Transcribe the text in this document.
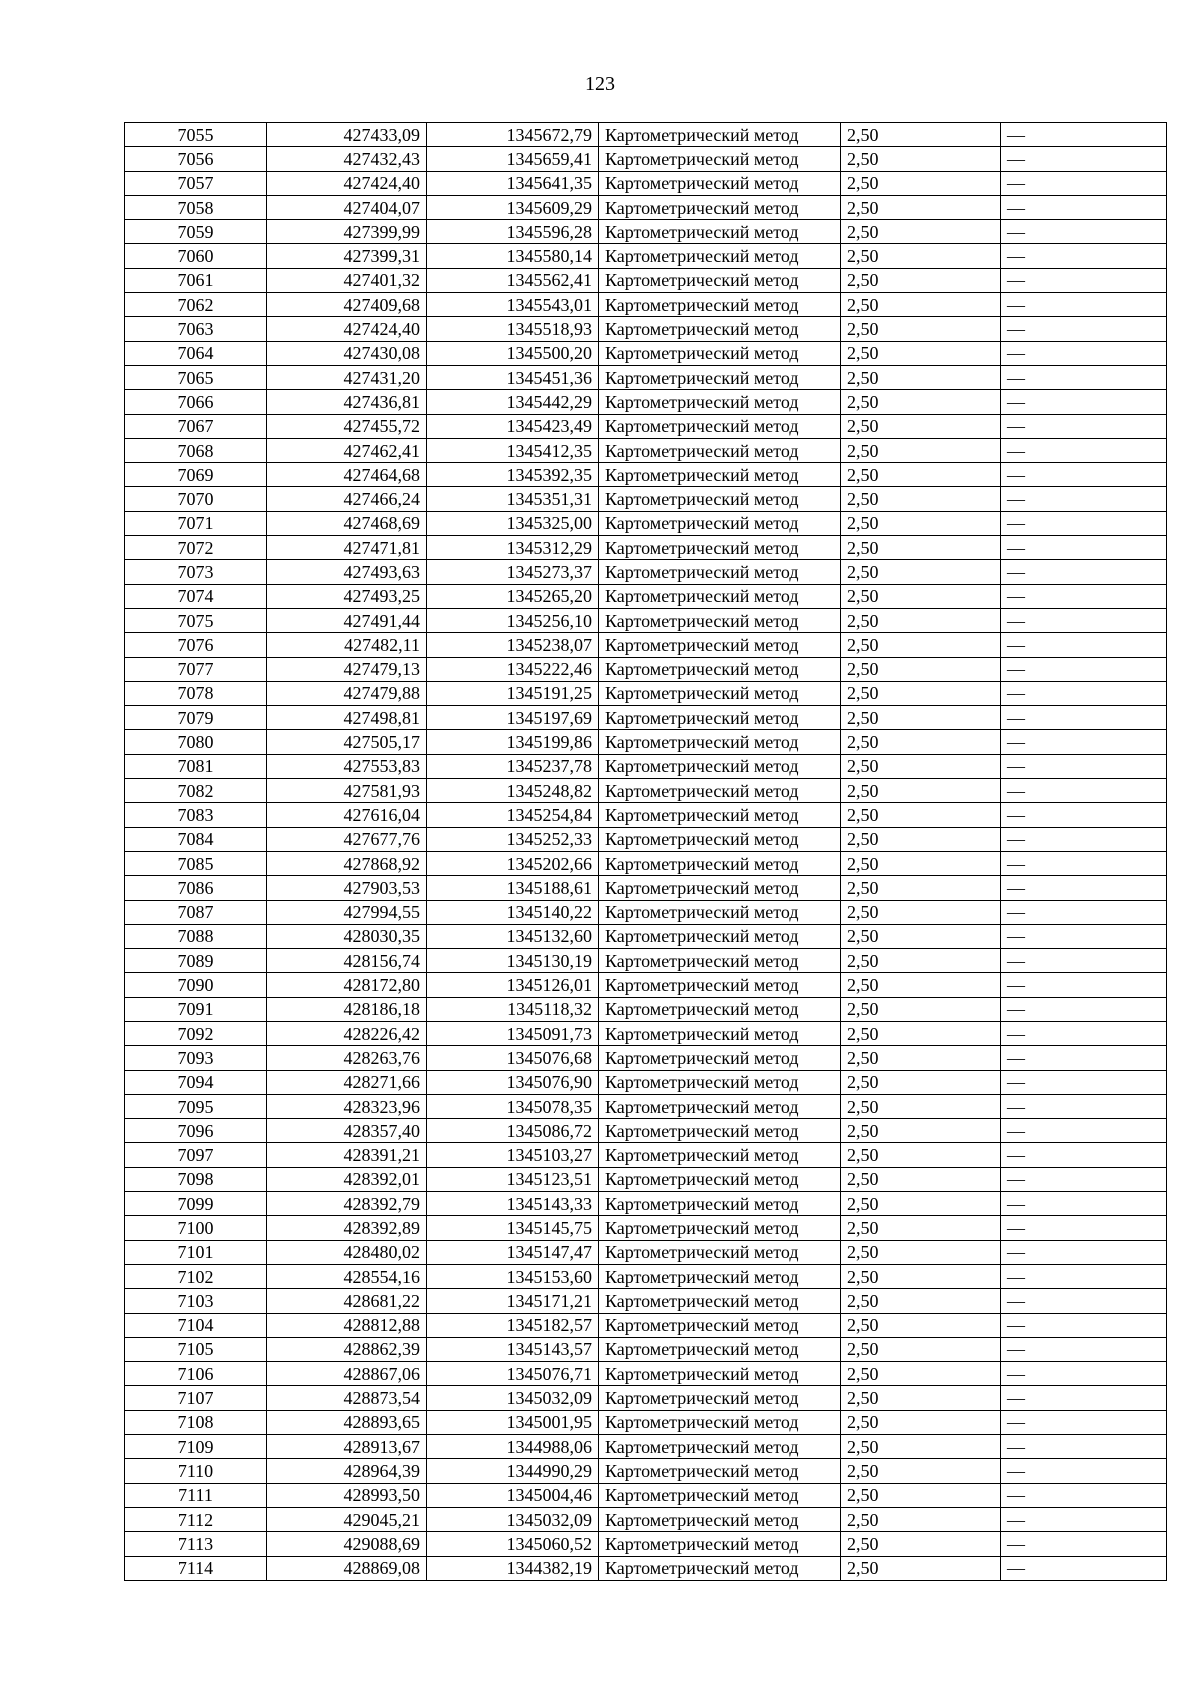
123
7055	427433,09	1345672,79	Картометрический метод	2,50	—
7056	427432,43	1345659,41	Картометрический метод	2,50	—
7057	427424,40	1345641,35	Картометрический метод	2,50	—
7058	427404,07	1345609,29	Картометрический метод	2,50	—
7059	427399,99	1345596,28	Картометрический метод	2,50	—
7060	427399,31	1345580,14	Картометрический метод	2,50	—
7061	427401,32	1345562,41	Картометрический метод	2,50	—
7062	427409,68	1345543,01	Картометрический метод	2,50	—
7063	427424,40	1345518,93	Картометрический метод	2,50	—
7064	427430,08	1345500,20	Картометрический метод	2,50	—
7065	427431,20	1345451,36	Картометрический метод	2,50	—
7066	427436,81	1345442,29	Картометрический метод	2,50	—
7067	427455,72	1345423,49	Картометрический метод	2,50	—
7068	427462,41	1345412,35	Картометрический метод	2,50	—
7069	427464,68	1345392,35	Картометрический метод	2,50	—
7070	427466,24	1345351,31	Картометрический метод	2,50	—
7071	427468,69	1345325,00	Картометрический метод	2,50	—
7072	427471,81	1345312,29	Картометрический метод	2,50	—
7073	427493,63	1345273,37	Картометрический метод	2,50	—
7074	427493,25	1345265,20	Картометрический метод	2,50	—
7075	427491,44	1345256,10	Картометрический метод	2,50	—
7076	427482,11	1345238,07	Картометрический метод	2,50	—
7077	427479,13	1345222,46	Картометрический метод	2,50	—
7078	427479,88	1345191,25	Картометрический метод	2,50	—
7079	427498,81	1345197,69	Картометрический метод	2,50	—
7080	427505,17	1345199,86	Картометрический метод	2,50	—
7081	427553,83	1345237,78	Картометрический метод	2,50	—
7082	427581,93	1345248,82	Картометрический метод	2,50	—
7083	427616,04	1345254,84	Картометрический метод	2,50	—
7084	427677,76	1345252,33	Картометрический метод	2,50	—
7085	427868,92	1345202,66	Картометрический метод	2,50	—
7086	427903,53	1345188,61	Картометрический метод	2,50	—
7087	427994,55	1345140,22	Картометрический метод	2,50	—
7088	428030,35	1345132,60	Картометрический метод	2,50	—
7089	428156,74	1345130,19	Картометрический метод	2,50	—
7090	428172,80	1345126,01	Картометрический метод	2,50	—
7091	428186,18	1345118,32	Картометрический метод	2,50	—
7092	428226,42	1345091,73	Картометрический метод	2,50	—
7093	428263,76	1345076,68	Картометрический метод	2,50	—
7094	428271,66	1345076,90	Картометрический метод	2,50	—
7095	428323,96	1345078,35	Картометрический метод	2,50	—
7096	428357,40	1345086,72	Картометрический метод	2,50	—
7097	428391,21	1345103,27	Картометрический метод	2,50	—
7098	428392,01	1345123,51	Картометрический метод	2,50	—
7099	428392,79	1345143,33	Картометрический метод	2,50	—
7100	428392,89	1345145,75	Картометрический метод	2,50	—
7101	428480,02	1345147,47	Картометрический метод	2,50	—
7102	428554,16	1345153,60	Картометрический метод	2,50	—
7103	428681,22	1345171,21	Картометрический метод	2,50	—
7104	428812,88	1345182,57	Картометрический метод	2,50	—
7105	428862,39	1345143,57	Картометрический метод	2,50	—
7106	428867,06	1345076,71	Картометрический метод	2,50	—
7107	428873,54	1345032,09	Картометрический метод	2,50	—
7108	428893,65	1345001,95	Картометрический метод	2,50	—
7109	428913,67	1344988,06	Картометрический метод	2,50	—
7110	428964,39	1344990,29	Картометрический метод	2,50	—
7111	428993,50	1345004,46	Картометрический метод	2,50	—
7112	429045,21	1345032,09	Картометрический метод	2,50	—
7113	429088,69	1345060,52	Картометрический метод	2,50	—
7114	428869,08	1344382,19	Картометрический метод	2,50	—
